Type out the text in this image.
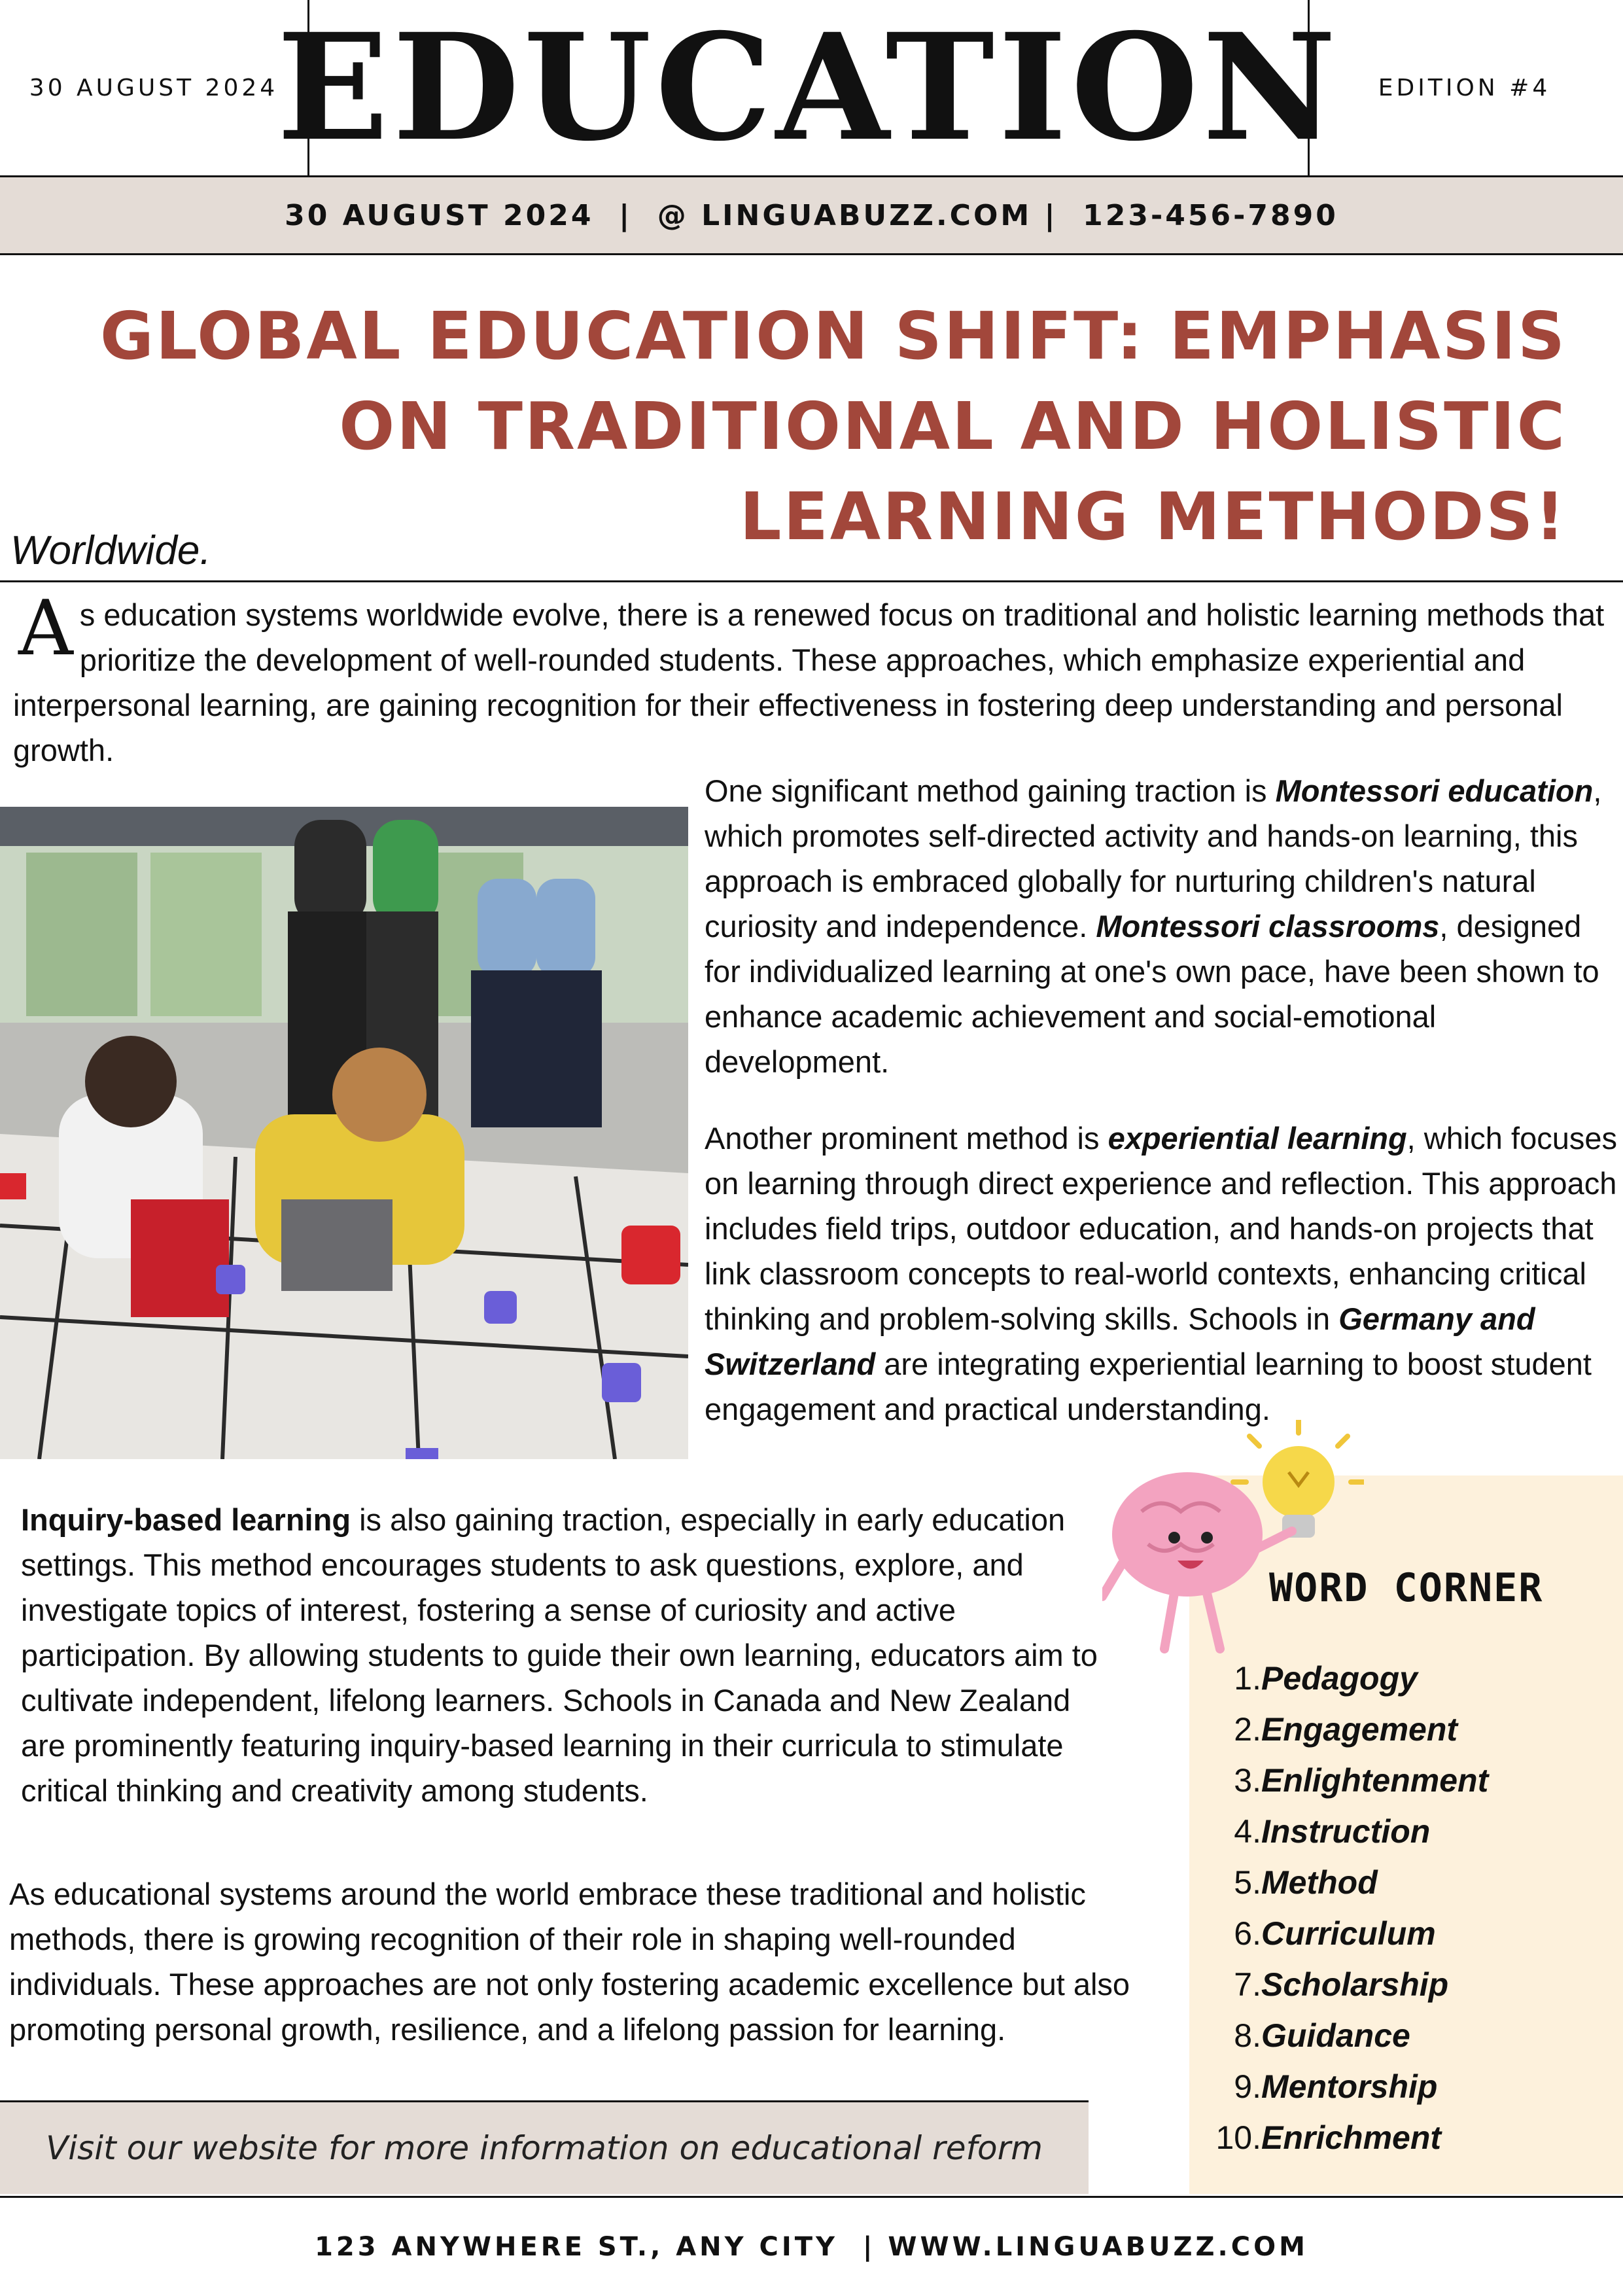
30 AUGUST 2024
EDUCATION	EDITION #4
30 AUGUST 2024  |  @ LINGUABUZZ.COM |  123-456-7890
GLOBAL EDUCATION SHIFT: EMPHASIS
ON TRADITIONAL AND HOLISTIC
LEARNING METHODS!
Worldwide.
As education systems worldwide evolve, there is a renewed focus on traditional and holistic learning methods that prioritize the development of well-rounded students. These approaches, which emphasize experiential and interpersonal learning, are gaining recognition for their effectiveness in fostering deep understanding and personal growth.

One significant method gaining traction is Montessori education, which promotes self-directed activity and hands-on learning, this approach is embraced globally for nurturing children's natural curiosity and independence. Montessori classrooms, designed for individualized learning at one's own pace, have been shown to enhance academic achievement and social-emotional development.

Another prominent method is experiential learning, which focuses on learning through direct experience and reflection. This approach includes field trips, outdoor education, and hands-on projects that link classroom concepts to real-world contexts, enhancing critical thinking and problem-solving skills. Schools in Germany and Switzerland are integrating experiential learning to boost student engagement and practical understanding.

Inquiry-based learning is also gaining traction, especially in early education settings. This method encourages students to ask questions, explore, and investigate topics of interest, fostering a sense of curiosity and active participation. By allowing students to guide their own learning, educators aim to cultivate independent, lifelong learners. Schools in Canada and New Zealand are prominently featuring inquiry-based learning in their curricula to stimulate critical thinking and creativity among students.

As educational systems around the world embrace these traditional and holistic methods, there is growing recognition of their role in shaping well-rounded individuals. These approaches are not only fostering academic excellence but also promoting personal growth, resilience, and a lifelong passion for learning.

Visit our website for more information on educational reform
WORD CORNER
1.Pedagogy
2.Engagement
3.Enlightenment
4.Instruction
5.Method
6.Curriculum
7.Scholarship
8.Guidance
9.Mentorship
10.Enrichment
123 ANYWHERE ST., ANY CITY  | WWW.LINGUABUZZ.COM
